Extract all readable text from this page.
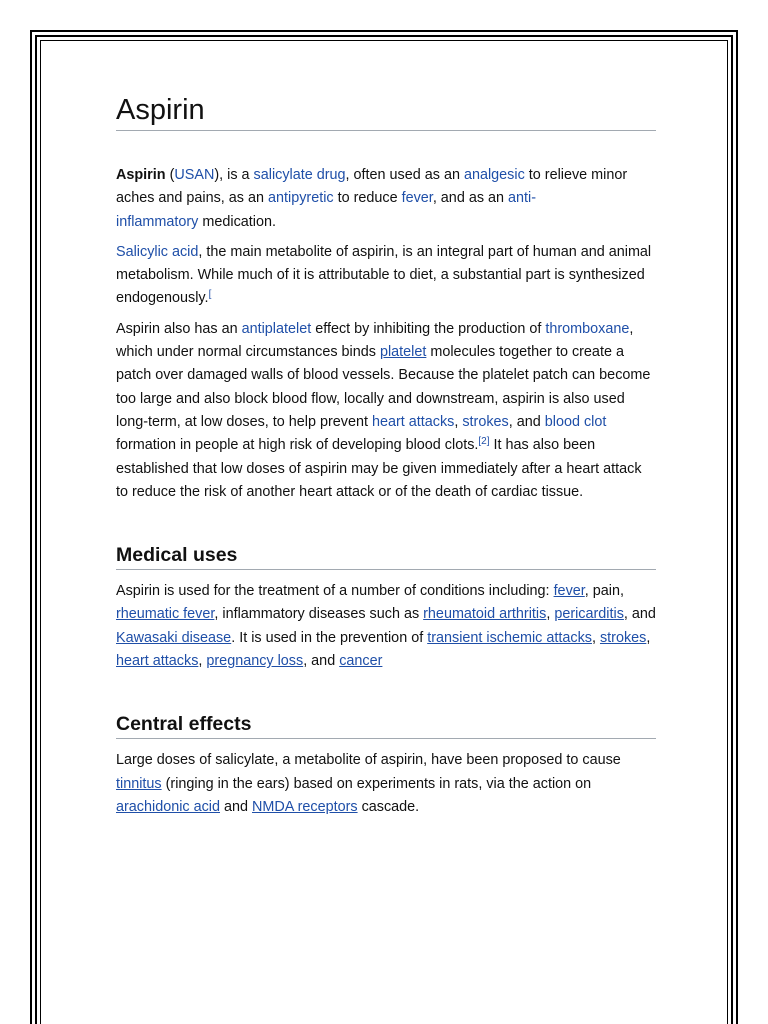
Aspirin

Aspirin (USAN), is a salicylate drug, often used as an analgesic to relieve minor aches and pains, as an antipyretic to reduce fever, and as an anti-
inflammatory medication.

Salicylic acid, the main metabolite of aspirin, is an integral part of human and animal metabolism. While much of it is attributable to diet, a substantial part is synthesized endogenously.[

Aspirin also has an antiplatelet effect by inhibiting the production of thromboxane, which under normal circumstances binds platelet molecules together to create a patch over damaged walls of blood vessels. Because the platelet patch can become too large and also block blood flow, locally and downstream, aspirin is also used long-term, at low doses, to help prevent heart attacks, strokes, and blood clot formation in people at high risk of developing blood clots.[2] It has also been established that low doses of aspirin may be given immediately after a heart attack to reduce the risk of another heart attack or of the death of cardiac tissue.

Medical uses

Aspirin is used for the treatment of a number of conditions including: fever, pain, rheumatic fever, inflammatory diseases such as rheumatoid arthritis, pericarditis, and Kawasaki disease. It is used in the prevention of transient ischemic attacks, strokes, heart attacks, pregnancy loss, and cancer

Central effects

Large doses of salicylate, a metabolite of aspirin, have been proposed to cause tinnitus (ringing in the ears) based on experiments in rats, via the action on arachidonic acid and NMDA receptors cascade.
